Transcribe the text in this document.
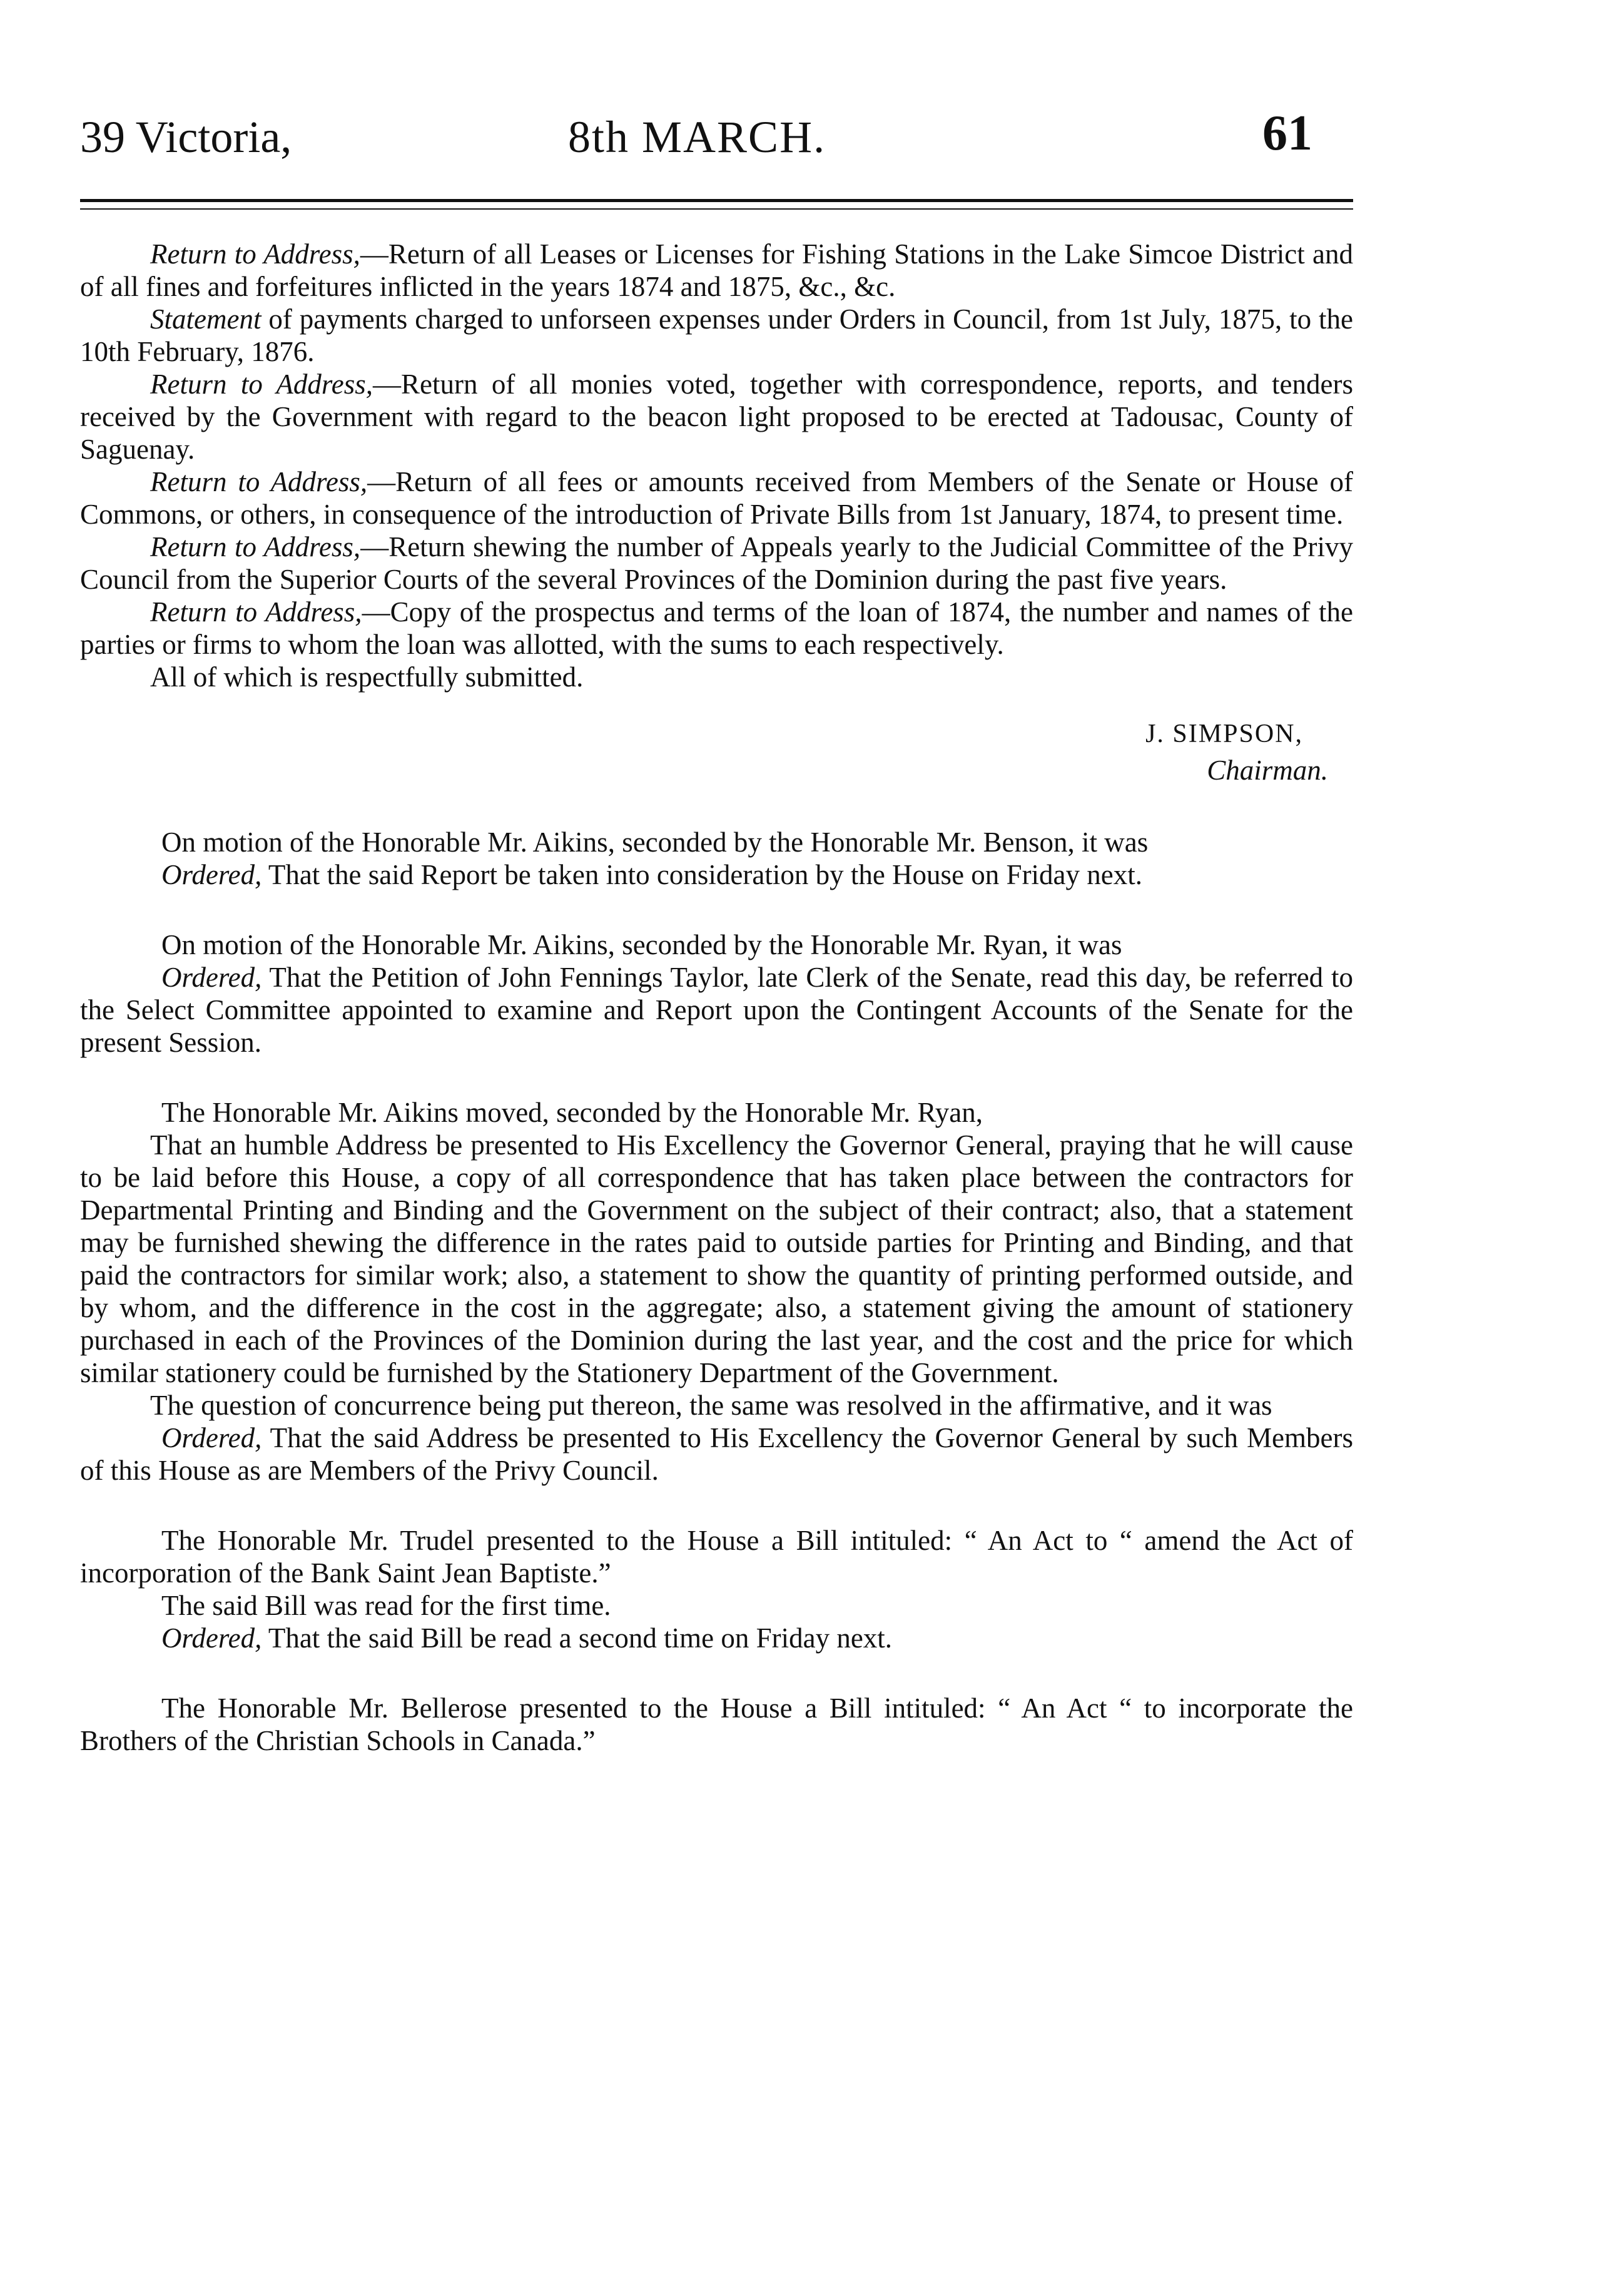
39 Victoria,	8th MARCH.	61

Return to Address,—Return of all Leases or Licenses for Fishing Stations in the Lake Simcoe District and of all fines and forfeitures inflicted in the years 1874 and 1875, &c., &c.

Statement of payments charged to unforseen expenses under Orders in Council, from 1st July, 1875, to the 10th February, 1876.

Return to Address,—Return of all monies voted, together with correspondence, reports, and tenders received by the Government with regard to the beacon light proposed to be erected at Tadousac, County of Saguenay.

Return to Address,—Return of all fees or amounts received from Members of the Senate or House of Commons, or others, in consequence of the introduction of Private Bills from 1st January, 1874, to present time.

Return to Address,—Return shewing the number of Appeals yearly to the Judicial Committee of the Privy Council from the Superior Courts of the several Provinces of the Dominion during the past five years.

Return to Address,—Copy of the prospectus and terms of the loan of 1874, the number and names of the parties or firms to whom the loan was allotted, with the sums to each respectively.

All of which is respectfully submitted.

J. SIMPSON,
Chairman.

On motion of the Honorable Mr. Aikins, seconded by the Honorable Mr. Benson, it was

Ordered, That the said Report be taken into consideration by the House on Friday next.

On motion of the Honorable Mr. Aikins, seconded by the Honorable Mr. Ryan, it was

Ordered, That the Petition of John Fennings Taylor, late Clerk of the Senate, read this day, be referred to the Select Committee appointed to examine and Report upon the Contingent Accounts of the Senate for the present Session.

The Honorable Mr. Aikins moved, seconded by the Honorable Mr. Ryan,

That an humble Address be presented to His Excellency the Governor General, praying that he will cause to be laid before this House, a copy of all correspondence that has taken place between the contractors for Departmental Printing and Binding and the Government on the subject of their contract; also, that a statement may be furnished shewing the difference in the rates paid to outside parties for Printing and Binding, and that paid the contractors for similar work; also, a statement to show the quantity of printing performed outside, and by whom, and the difference in the cost in the aggregate; also, a statement giving the amount of stationery purchased in each of the Provinces of the Dominion during the last year, and the cost and the price for which similar stationery could be furnished by the Stationery Department of the Government.

The question of concurrence being put thereon, the same was resolved in the affirmative, and it was

Ordered, That the said Address be presented to His Excellency the Governor General by such Members of this House as are Members of the Privy Council.

The Honorable Mr. Trudel presented to the House a Bill intituled: “ An Act to “ amend the Act of incorporation of the Bank Saint Jean Baptiste.”

The said Bill was read for the first time.

Ordered, That the said Bill be read a second time on Friday next.

The Honorable Mr. Bellerose presented to the House a Bill intituled: “ An Act “ to incorporate the Brothers of the Christian Schools in Canada.”
